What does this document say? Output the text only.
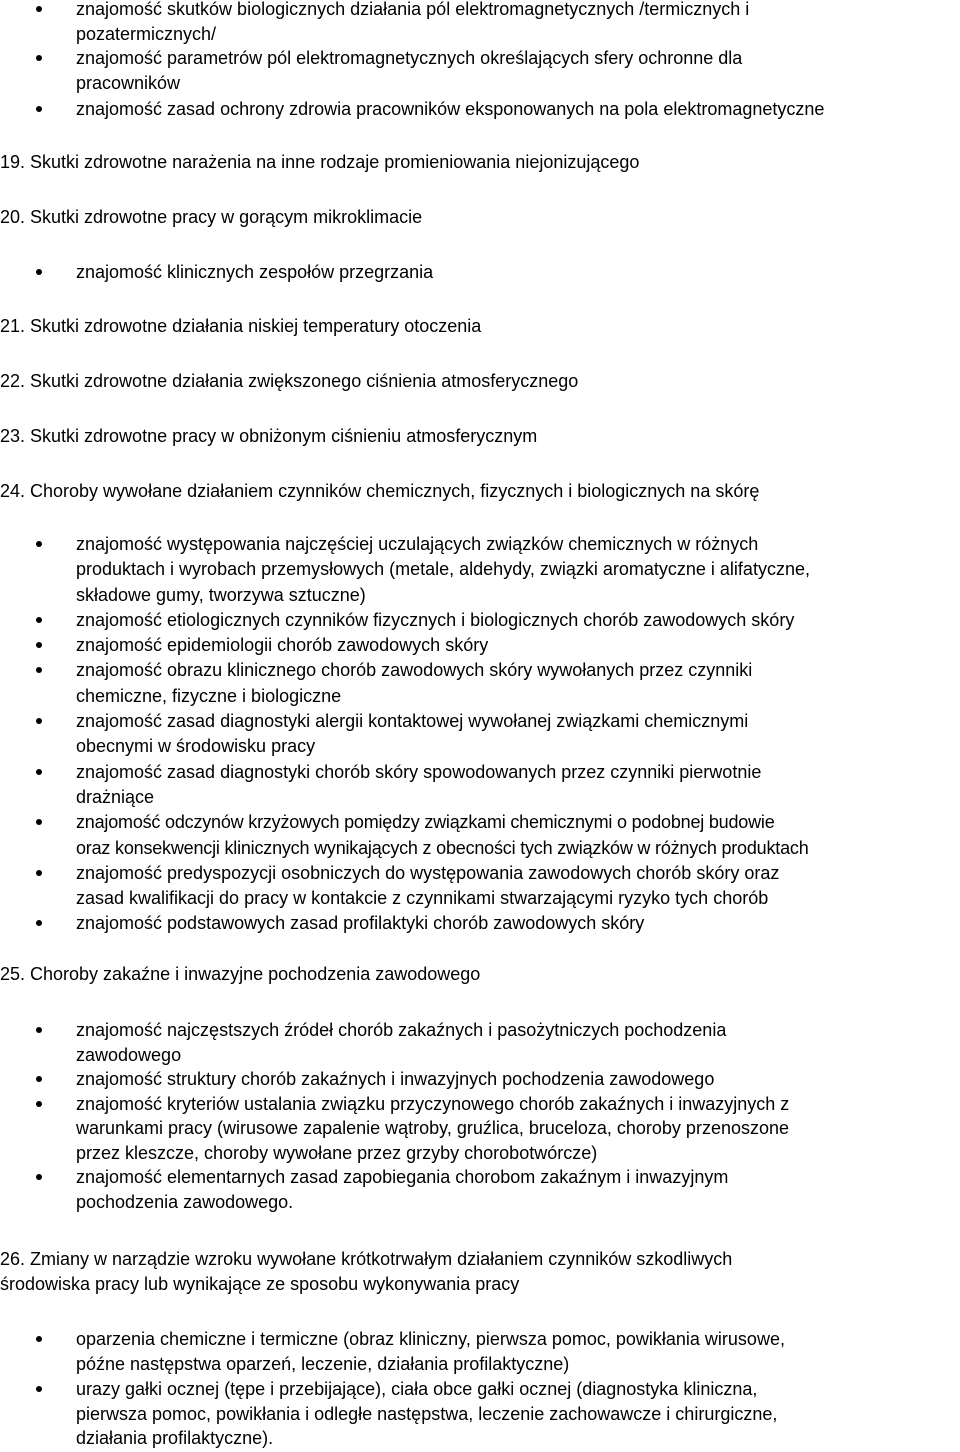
znajomość skutków biologicznych działania pól elektromagnetycznych /termicznych i
pozatermicznych/
znajomość parametrów pól elektromagnetycznych określających sfery ochronne dla
pracowników
znajomość zasad ochrony zdrowia pracowników eksponowanych na pola elektromagnetyczne

19. Skutki zdrowotne narażenia na inne rodzaje promieniowania niejonizującego

20. Skutki zdrowotne pracy w gorącym mikroklimacie

znajomość klinicznych zespołów przegrzania

21. Skutki zdrowotne działania niskiej temperatury otoczenia

22. Skutki zdrowotne działania zwiększonego ciśnienia atmosferycznego

23. Skutki zdrowotne pracy w obniżonym ciśnieniu atmosferycznym

24. Choroby wywołane działaniem czynników chemicznych, fizycznych i biologicznych na skórę

znajomość występowania najczęściej uczulających związków chemicznych w różnych
produktach i wyrobach przemysłowych (metale, aldehydy, związki aromatyczne i alifatyczne,
składowe gumy, tworzywa sztuczne)
znajomość etiologicznych czynników fizycznych i biologicznych chorób zawodowych skóry
znajomość epidemiologii chorób zawodowych skóry
znajomość obrazu klinicznego chorób zawodowych skóry wywołanych przez czynniki
chemiczne, fizyczne i biologiczne
znajomość zasad diagnostyki alergii kontaktowej wywołanej związkami chemicznymi
obecnymi w środowisku pracy
znajomość zasad diagnostyki chorób skóry spowodowanych przez czynniki pierwotnie
drażniące
znajomość odczynów krzyżowych pomiędzy związkami chemicznymi o podobnej budowie
oraz konsekwencji klinicznych wynikających z obecności tych związków w różnych produktach
znajomość predyspozycji osobniczych do występowania zawodowych chorób skóry oraz
zasad kwalifikacji do pracy w kontakcie z czynnikami stwarzającymi ryzyko tych chorób
znajomość podstawowych zasad profilaktyki chorób zawodowych skóry

25. Choroby zakaźne i inwazyjne pochodzenia zawodowego

znajomość najczęstszych źródeł chorób zakaźnych i pasożytniczych pochodzenia
zawodowego
znajomość struktury chorób zakaźnych i inwazyjnych pochodzenia zawodowego
znajomość kryteriów ustalania związku przyczynowego chorób zakaźnych i inwazyjnych z
warunkami pracy (wirusowe zapalenie wątroby, gruźlica, bruceloza, choroby przenoszone
przez kleszcze, choroby wywołane przez grzyby chorobotwórcze)
znajomość elementarnych zasad zapobiegania chorobom zakaźnym i inwazyjnym
pochodzenia zawodowego.

26. Zmiany w narządzie wzroku wywołane krótkotrwałym działaniem czynników szkodliwych
środowiska pracy lub wynikające ze sposobu wykonywania pracy

oparzenia chemiczne i termiczne (obraz kliniczny, pierwsza pomoc, powikłania wirusowe,
późne następstwa oparzeń, leczenie, działania profilaktyczne)
urazy gałki ocznej (tępe i przebijające), ciała obce gałki ocznej (diagnostyka kliniczna,
pierwsza pomoc, powikłania i odległe następstwa, leczenie zachowawcze i chirurgiczne,
działania profilaktyczne).
